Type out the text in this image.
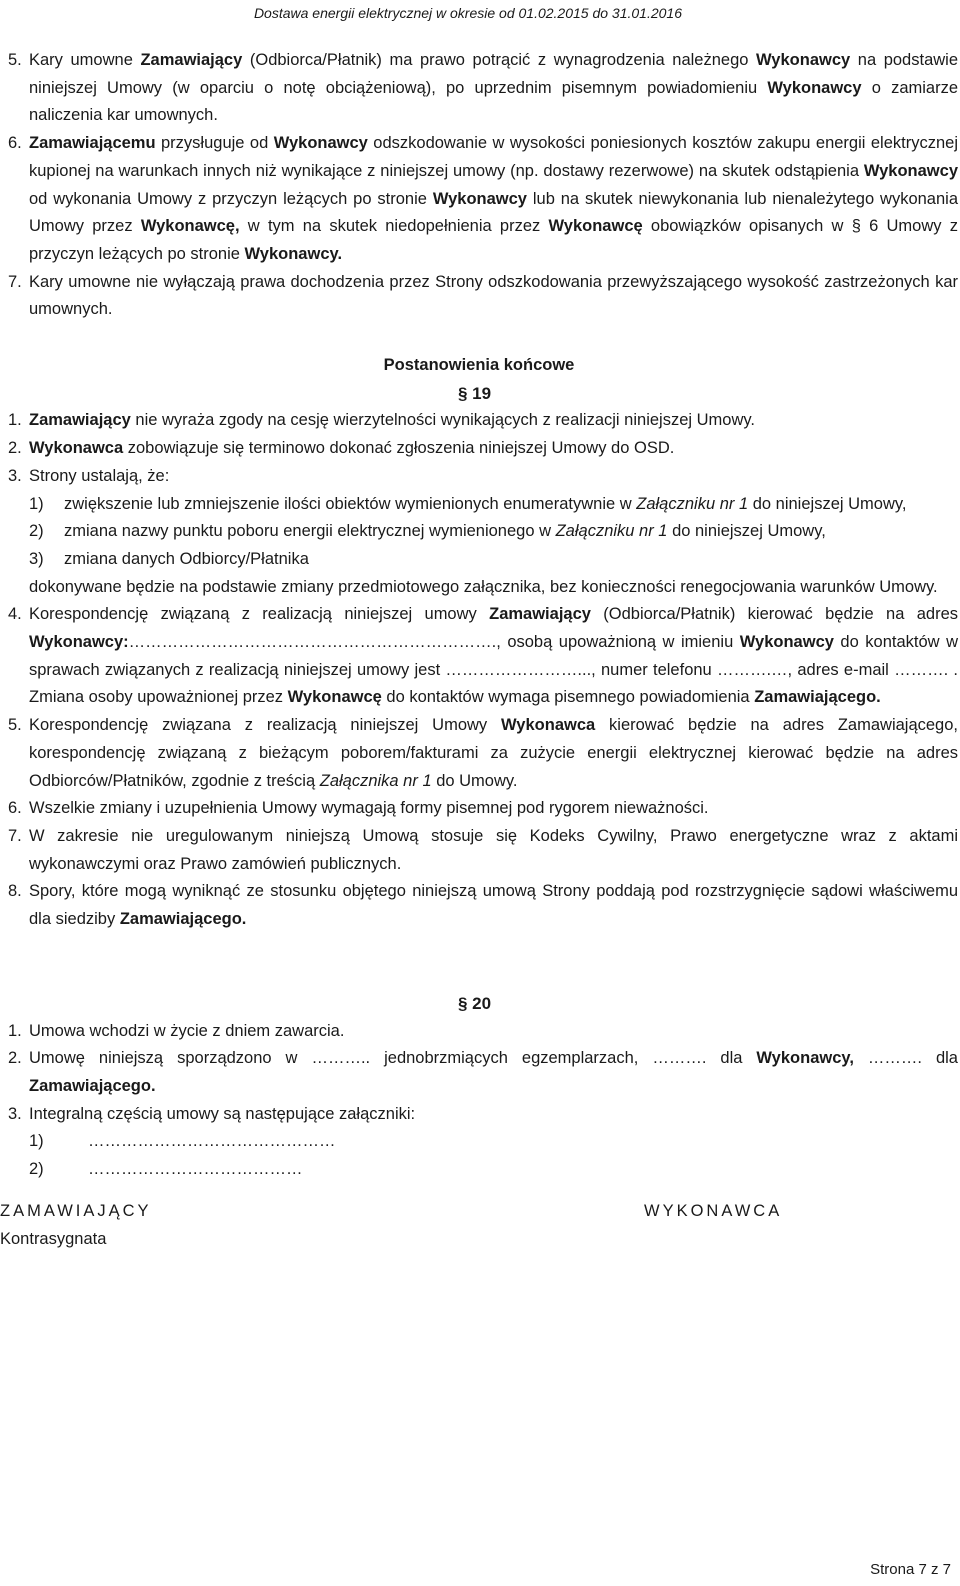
Dostawa energii elektrycznej w okresie od 01.02.2015 do 31.01.2016

5. Kary umowne Zamawiający (Odbiorca/Płatnik) ma prawo potrącić z wynagrodzenia należnego Wykonawcy na podstawie niniejszej Umowy (w oparciu o notę obciążeniową), po uprzednim pisemnym powiadomieniu Wykonawcy o zamiarze naliczenia kar umownych.

6. Zamawiającemu przysługuje od Wykonawcy odszkodowanie w wysokości poniesionych kosztów zakupu energii elektrycznej kupionej na warunkach innych niż wynikające z niniejszej umowy (np. dostawy rezerwowe) na skutek odstąpienia Wykonawcy od wykonania Umowy z przyczyn leżących po stronie Wykonawcy lub na skutek niewykonania lub nienależytego wykonania Umowy przez Wykonawcę, w tym na skutek niedopełnienia przez Wykonawcę obowiązków opisanych w § 6 Umowy z przyczyn leżących po stronie Wykonawcy.

7. Kary umowne nie wyłączają prawa dochodzenia przez Strony odszkodowania przewyższającego wysokość zastrzeżonych kar umownych.

Postanowienia końcowe

§ 19

1. Zamawiający nie wyraża zgody na cesję wierzytelności wynikających z realizacji niniejszej Umowy.

2. Wykonawca zobowiązuje się terminowo dokonać zgłoszenia niniejszej Umowy do OSD.

3. Strony ustalają, że:

1) zwiększenie lub zmniejszenie ilości obiektów wymienionych enumeratywnie w Załączniku nr 1 do niniejszej Umowy,

2) zmiana nazwy punktu poboru energii elektrycznej wymienionego w Załączniku nr 1 do niniejszej Umowy,

3) zmiana danych Odbiorcy/Płatnika

dokonywane będzie na podstawie zmiany przedmiotowego załącznika, bez konieczności renegocjowania warunków Umowy.

4. Korespondencję związaną z realizacją niniejszej umowy Zamawiający (Odbiorca/Płatnik) kierować będzie na adres Wykonawcy:…………………………………………………………., osobą upoważnioną w imieniu Wykonawcy do kontaktów w sprawach związanych z realizacją niniejszej umowy jest ……………………..., numer telefonu ……….…, adres e-mail ………. . Zmiana osoby upoważnionej przez Wykonawcę do kontaktów wymaga pisemnego powiadomienia Zamawiającego.

5. Korespondencję związana z realizacją niniejszej Umowy Wykonawca kierować będzie na adres Zamawiającego, korespondencję związaną z bieżącym poborem/fakturami za zużycie energii elektrycznej kierować będzie na adres Odbiorców/Płatników, zgodnie z treścią Załącznika nr 1 do Umowy.

6. Wszelkie zmiany i uzupełnienia Umowy wymagają formy pisemnej pod rygorem nieważności.

7. W zakresie nie uregulowanym niniejszą Umową stosuje się Kodeks Cywilny, Prawo energetyczne wraz z aktami wykonawczymi oraz Prawo zamówień publicznych.

8. Spory, które mogą wyniknąć ze stosunku objętego niniejszą umową Strony poddają pod rozstrzygnięcie sądowi właściwemu dla siedziby Zamawiającego.

§ 20

1. Umowa wchodzi w życie z dniem zawarcia.

2. Umowę niniejszą sporządzono w ……….. jednobrzmiących egzemplarzach, ………. dla Wykonawcy, ………. dla Zamawiającego.

3. Integralną częścią umowy są następujące załączniki:

1)	………………………………………

2)	…………………………………

ZAMAWIAJĄCY	WYKONAWCA
Kontrasygnata
Strona 7 z 7
